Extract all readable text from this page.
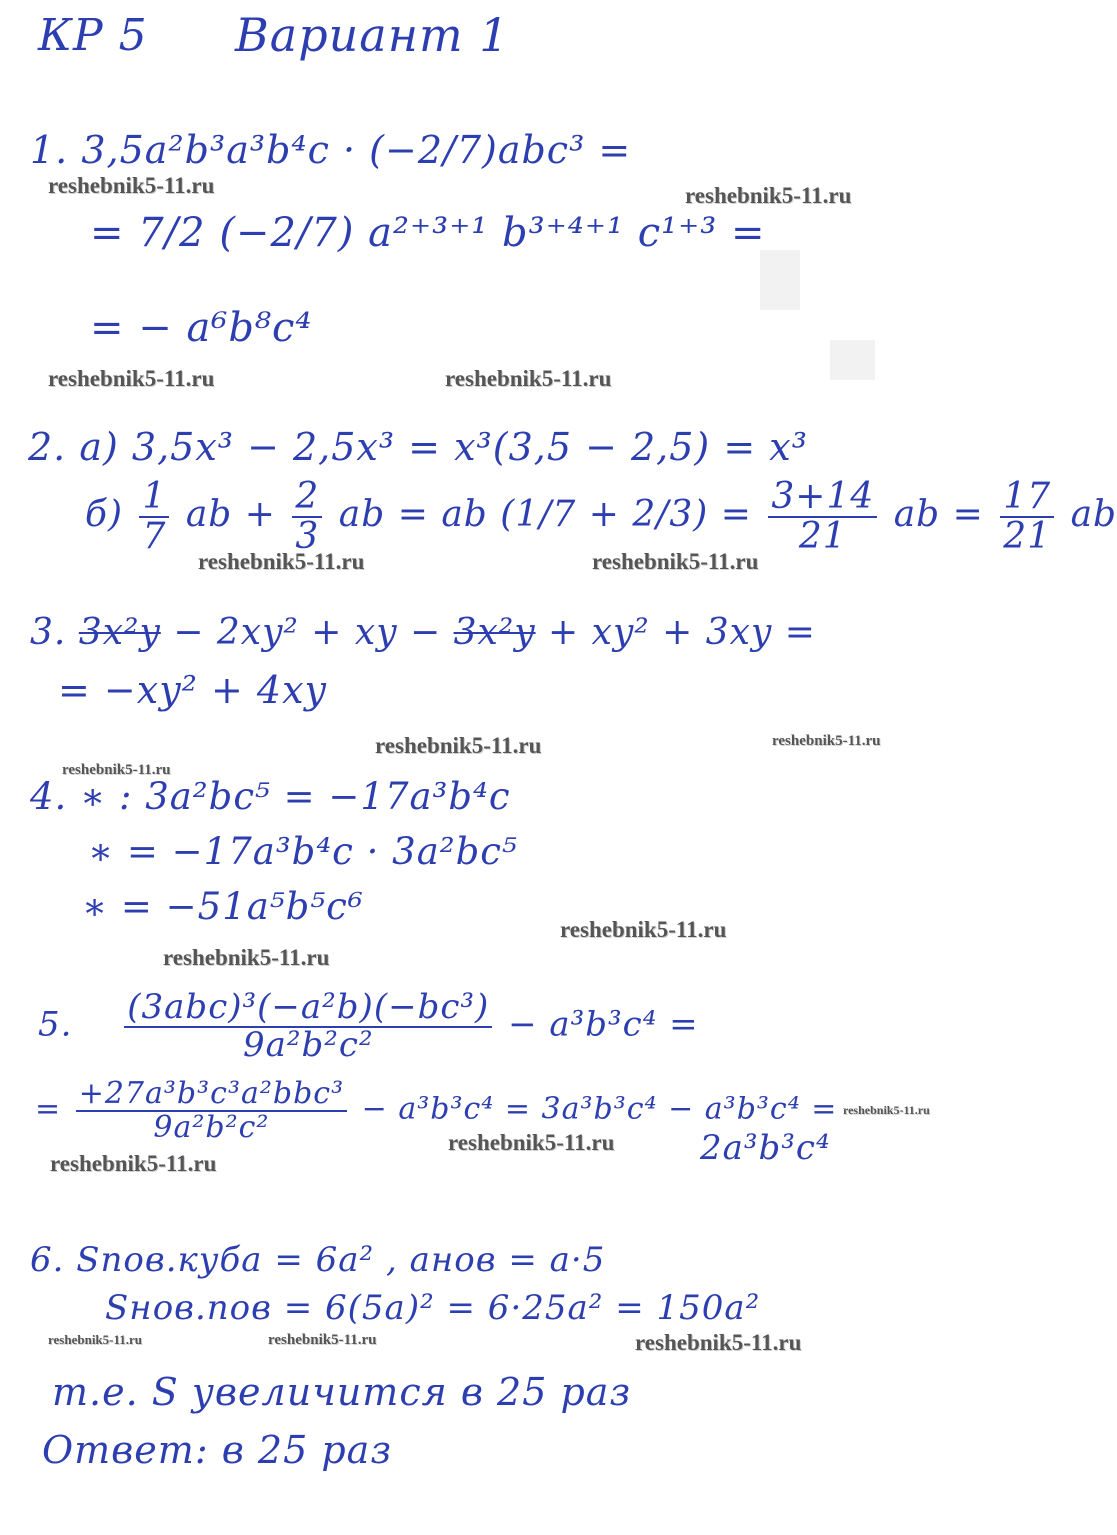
КР 5 Вариант 1
1. 3,5a²b³a³b⁴c · (−2/7)abc³ =
= 7/2 (−2/7) a²⁺³⁺¹ b³⁺⁴⁺¹ c¹⁺³ =
= − a⁶b⁸c⁴
2. a) 3,5x³ − 2,5x³ = x³(3,5 − 2,5) = x³
$б) \frac{1}{7}$ ab + $\frac{2}{3}$ ab = ab $(1/7 + 2/3) = \frac{3+14}{21}$ ab = $\frac{17}{21}$ ab
3. 3x²y − 2xy² + xy − 3x²y + xy² + 3xy =
= −xy² + 4xy
4. ∗ : 3a²bc⁵ = −17a³b⁴c
∗ = −17a³b⁴c · 3a²bc⁵
∗ = −51a⁵b⁵c⁶
5. $\frac{\text{(3abc)³(−a²b)(−bc³)}}{\text{9a²b²c²}} - a^3b^3c^4$ =
= $\frac{\text{+27a³b³c³a²bbc³}}{\text{9a²b²c²}} - a^3b^3c^4 = 3a^3b^3c^4 - a^3b^3c^4$ =
2a³b³c⁴
6. Sпов.куба = 6a² , aнов = a·5
Sнов.пов = 6(5a)² = 6·25a² = 150a²
т.е. S увеличится в 25 раз
Ответ: в 25 раз
reshebnik5-11.ru	reshebnik5-11.ru
reshebnik5-11.ru	reshebnik5-11.ru
reshebnik5-11.ru	reshebnik5-11.ru
reshebnik5-11.ru	reshebnik5-11.ru
reshebnik5-11.ru
reshebnik5-11.ru
reshebnik5-11.ru
reshebnik5-11.ru
reshebnik5-11.ru
reshebnik5-11.ru
reshebnik5-11.ru	reshebnik5-11.ru	reshebnik5-11.ru
